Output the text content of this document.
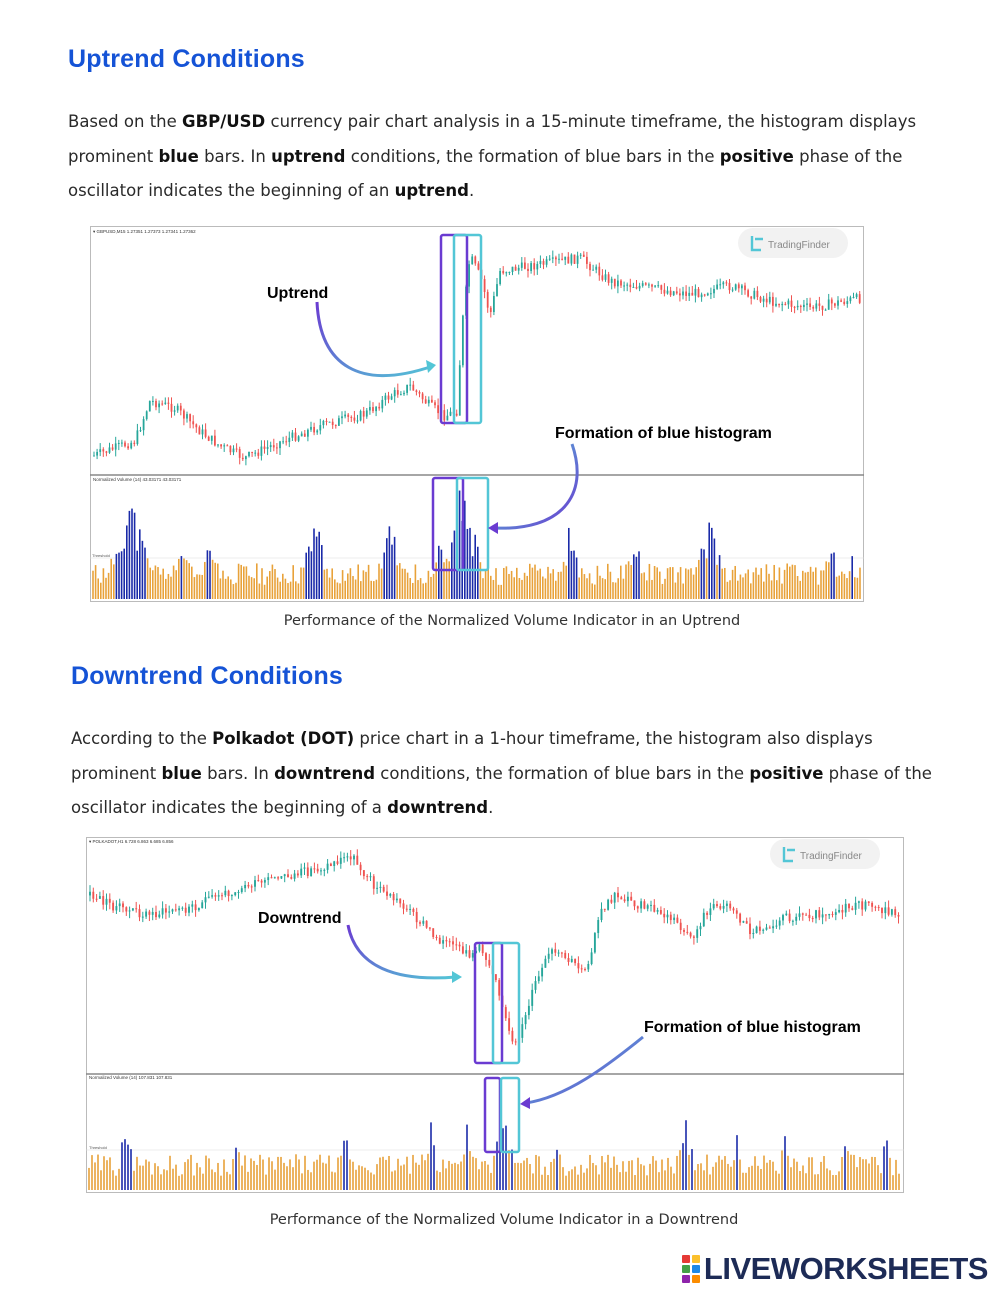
Uptrend Conditions

Based on the GBP/USD currency pair chart analysis in a 15-minute timeframe, the histogram displays prominent blue bars. In uptrend conditions, the formation of blue bars in the positive phase of the oscillator indicates the beginning of an uptrend.

▾ GBPUSD,M15 1.27351 1.27373 1.27341 1.27362
Normalized Volume (14) 43.03171 43.03171
Threshold
TradingFinder
Uptrend
Formation of blue histogram

Performance of the Normalized Volume Indicator in an Uptrend

Downtrend Conditions

According to the Polkadot (DOT) price chart in a 1-hour timeframe, the histogram also displays prominent blue bars. In downtrend conditions, the formation of blue bars in the positive phase of the oscillator indicates the beginning of a downtrend.

▾ POLKADOT,H1 6.728 6.863 6.685 6.856
Normalized Volume (14) 107.831 107.831
Threshold
TradingFinder
Downtrend
Formation of blue histogram

Performance of the Normalized Volume Indicator in a Downtrend

LIVEWORKSHEETS
